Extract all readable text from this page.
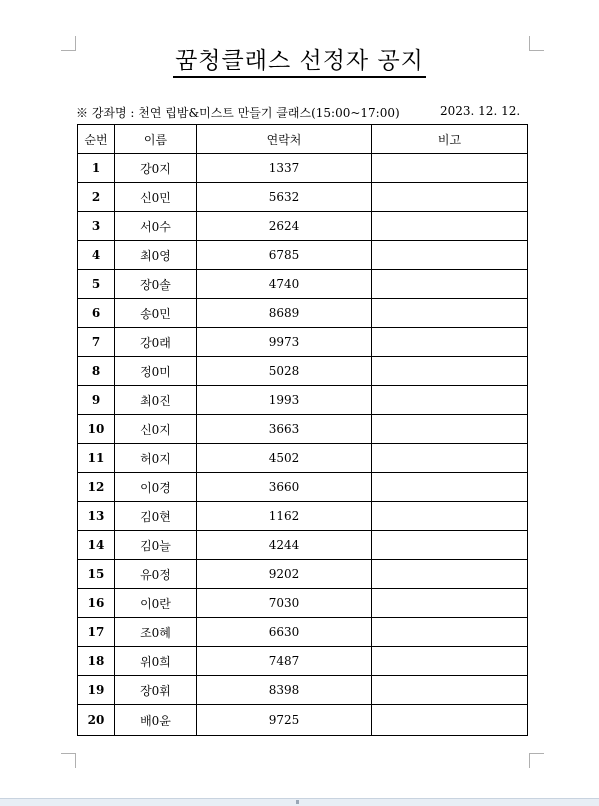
꿈청클래스 선정자 공지
※ 강좌명 : 천연 립밤&미스트 만들기 클래스(15:00~17:00)	2023. 12. 12.
순번	이름	연락처	비고
1	강0지	1337	
2	신0민	5632	
3	서0수	2624	
4	최0영	6785	
5	장0솔	4740	
6	송0민	8689	
7	강0래	9973	
8	정0미	5028	
9	최0진	1993	
10	신0지	3663	
11	허0지	4502	
12	이0경	3660	
13	김0현	1162	
14	김0늘	4244	
15	유0정	9202	
16	이0란	7030	
17	조0혜	6630	
18	위0희	7487	
19	장0휘	8398	
20	배0윤	9725	
